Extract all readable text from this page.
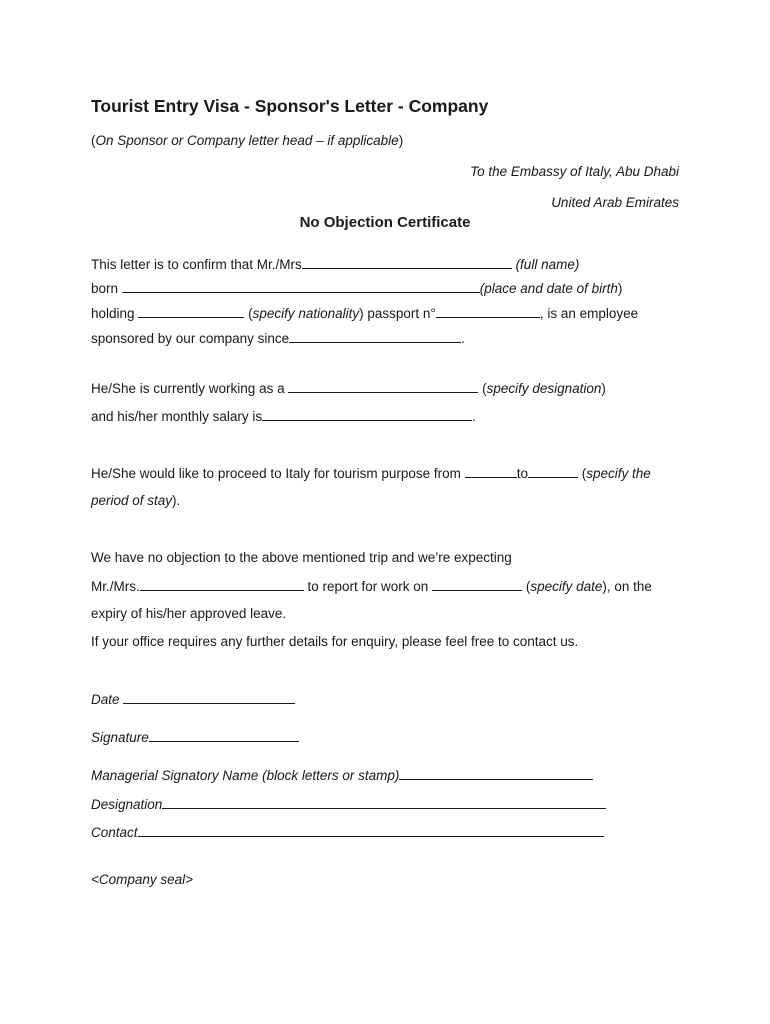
Tourist Entry Visa - Sponsor's Letter - Company
(On Sponsor or Company letter head – if applicable)
To the Embassy of Italy, Abu Dhabi
United Arab Emirates
No Objection Certificate
This letter is to confirm that Mr./Mrs	(full name)
born	(place and date of birth)
holding	(specify nationality) passport n°	, is an employee
sponsored by our company since	.
He/She is currently working as a	(specify designation)
and his/her monthly salary is	.
He/She would like to proceed to Italy for tourism purpose from	to	(specify the
period of stay).
We have no objection to the above mentioned trip and we’re expecting
Mr./Mrs.	to report for work on	(specify date), on the
expiry of his/her approved leave.
If your office requires any further details for enquiry, please feel free to contact us.
Date
Signature
Managerial Signatory Name (block letters or stamp)
Designation
Contact
<Company seal>
